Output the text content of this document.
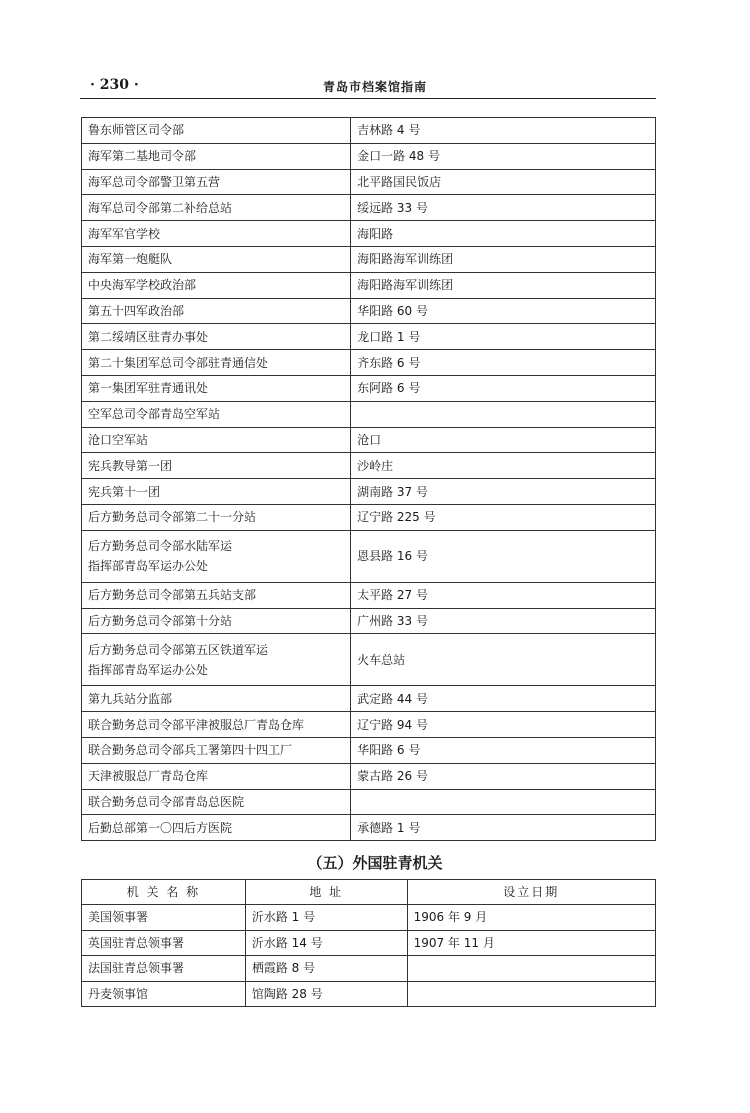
· 230 ·	青岛市档案馆指南
鲁东师管区司令部	吉林路 4 号
海军第二基地司令部	金口一路 48 号
海军总司令部警卫第五营	北平路国民饭店
海军总司令部第二补给总站	绥远路 33 号
海军军官学校	海阳路
海军第一炮艇队	海阳路海军训练团
中央海军学校政治部	海阳路海军训练团
第五十四军政治部	华阳路 60 号
第二绥靖区驻青办事处	龙口路 1 号
第二十集团军总司令部驻青通信处	齐东路 6 号
第一集团军驻青通讯处	东阿路 6 号
空军总司令部青岛空军站	
沧口空军站	沧口
宪兵教导第一团	沙岭庄
宪兵第十一团	湖南路 37 号
后方勤务总司令部第二十一分站	辽宁路 225 号
后方勤务总司令部水陆军运
指挥部青岛军运办公处	恩县路 16 号
后方勤务总司令部第五兵站支部	太平路 27 号
后方勤务总司令部第十分站	广州路 33 号
后方勤务总司令部第五区铁道军运
指挥部青岛军运办公处	火车总站
第九兵站分监部	武定路 44 号
联合勤务总司令部平津被服总厂青岛仓库	辽宁路 94 号
联合勤务总司令部兵工署第四十四工厂	华阳路 6 号
天津被服总厂青岛仓库	蒙古路 26 号
联合勤务总司令部青岛总医院	
后勤总部第一〇四后方医院	承德路 1 号
（五）外国驻青机关
机 关 名 称	地 址	设立日期
美国领事署	沂水路 1 号	1906 年 9 月
英国驻青总领事署	沂水路 14 号	1907 年 11 月
法国驻青总领事署	栖霞路 8 号	
丹麦领事馆	馆陶路 28 号	
